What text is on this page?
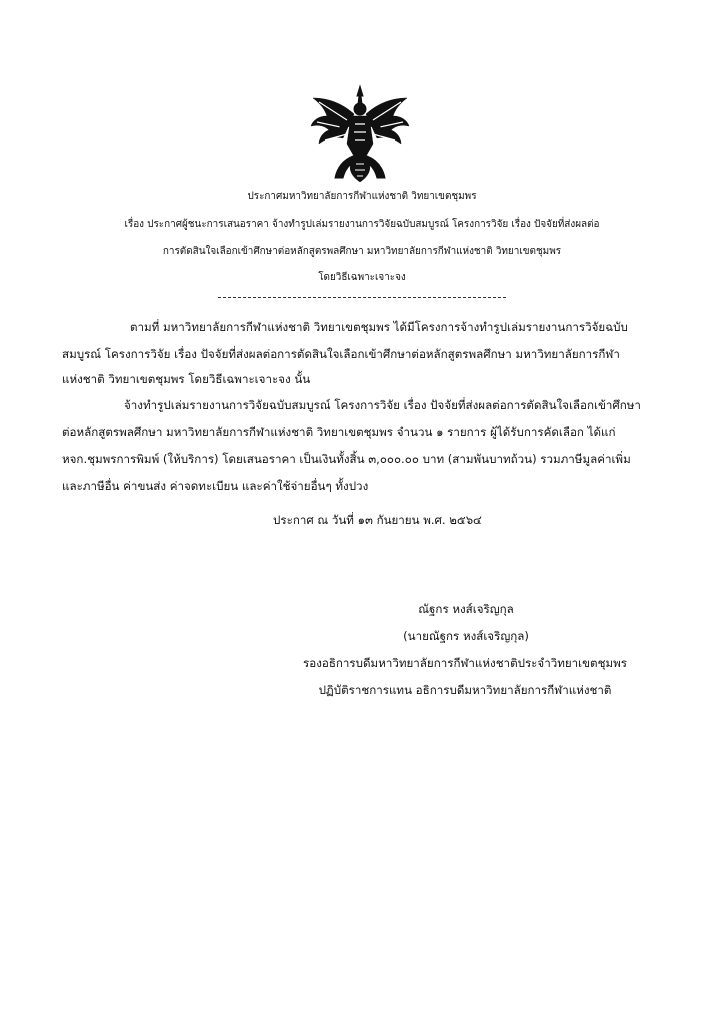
ประกาศมหาวิทยาลัยการกีฬาแห่งชาติ วิทยาเขตชุมพร
เรื่อง ประกาศผู้ชนะการเสนอราคา จ้างทำรูปเล่มรายงานการวิจัยฉบับสมบูรณ์ โครงการวิจัย เรื่อง ปัจจัยที่ส่งผลต่อ
การตัดสินใจเลือกเข้าศึกษาต่อหลักสูตรพลศึกษา มหาวิทยาลัยการกีฬาแห่งชาติ วิทยาเขตชุมพร
โดยวิธีเฉพาะเจาะจง
ตามที่ มหาวิทยาลัยการกีฬาแห่งชาติ วิทยาเขตชุมพร ได้มีโครงการจ้างทำรูปเล่มรายงานการวิจัยฉบับ
สมบูรณ์ โครงการวิจัย เรื่อง ปัจจัยที่ส่งผลต่อการตัดสินใจเลือกเข้าศึกษาต่อหลักสูตรพลศึกษา มหาวิทยาลัยการกีฬา
แห่งชาติ วิทยาเขตชุมพร โดยวิธีเฉพาะเจาะจง นั้น
จ้างทำรูปเล่มรายงานการวิจัยฉบับสมบูรณ์ โครงการวิจัย เรื่อง ปัจจัยที่ส่งผลต่อการตัดสินใจเลือกเข้าศึกษา
ต่อหลักสูตรพลศึกษา มหาวิทยาลัยการกีฬาแห่งชาติ วิทยาเขตชุมพร จำนวน ๑ รายการ ผู้ได้รับการคัดเลือก ได้แก่
หจก.ชุมพรการพิมพ์ (ให้บริการ) โดยเสนอราคา เป็นเงินทั้งสิ้น ๓,๐๐๐.๐๐ บาท (สามพันบาทถ้วน) รวมภาษีมูลค่าเพิ่ม
และภาษีอื่น ค่าขนส่ง ค่าจดทะเบียน และค่าใช้จ่ายอื่นๆ ทั้งปวง
ประกาศ ณ วันที่ ๑๓ กันยายน พ.ศ. ๒๕๖๔
ณัฐกร หงส์เจริญกุล
(นายณัฐกร หงส์เจริญกุล)
รองอธิการบดีมหาวิทยาลัยการกีฬาแห่งชาติประจำวิทยาเขตชุมพร
ปฏิบัติราชการแทน อธิการบดีมหาวิทยาลัยการกีฬาแห่งชาติ
